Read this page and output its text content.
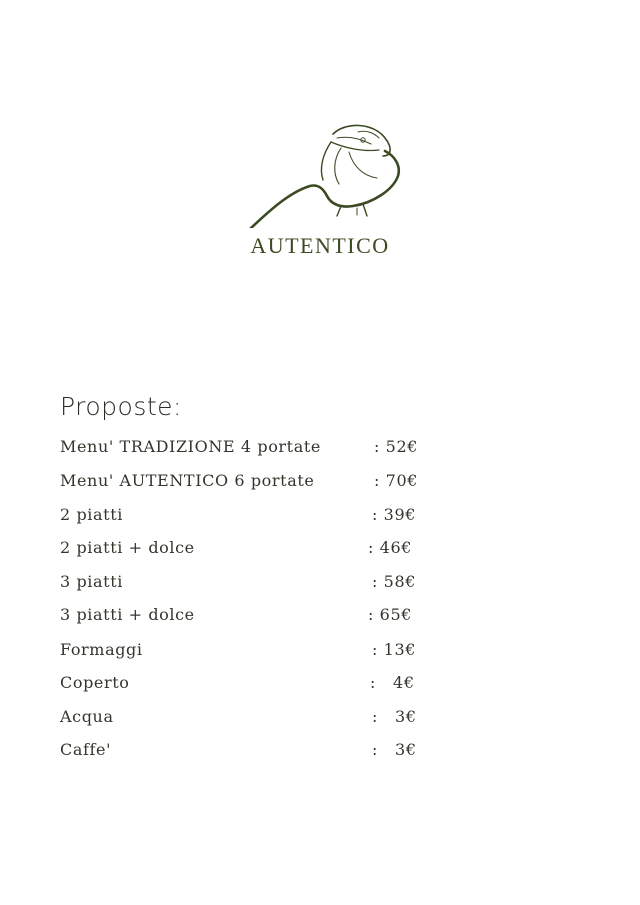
AUTENTICO
Proposte:
Menu' TRADIZIONE 4 portate	: 52€
Menu' AUTENTICO 6 portate	: 70€
2 piatti	: 39€
2 piatti + dolce	: 46€
3 piatti	: 58€
3 piatti + dolce	: 65€
Formaggi	: 13€
Coperto	:   4€
Acqua	:   3€
Caffe'	:   3€
